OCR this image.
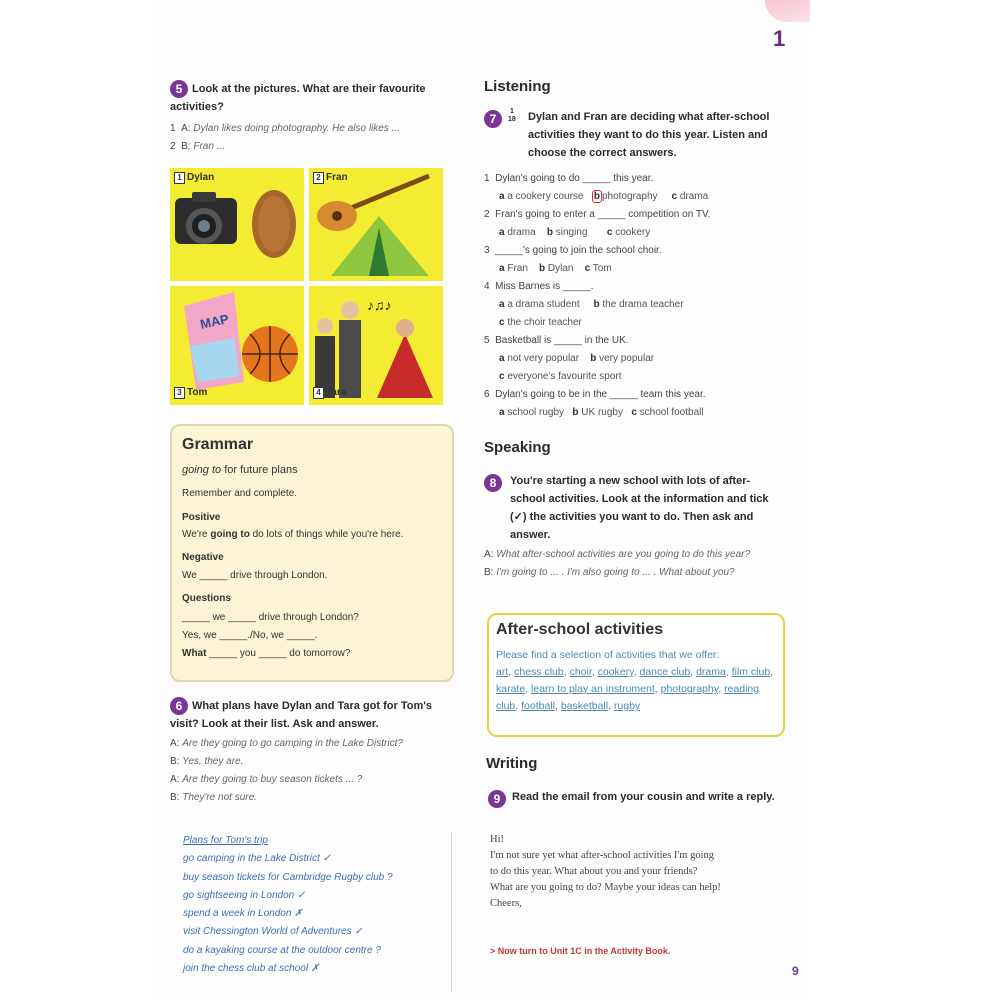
1
5 Look at the pictures. What are their favourite activities?
1 A: Dylan likes doing photography. He also likes ...
2 B: Fran ...
1 Dylan	2 Fran
MAP
3 Tom
♪♫♪
4 Tara
Grammar
going to for future plans
Remember and complete.
Positive
We're going to do lots of things while you're here.
Negative
We _____ drive through London.
Questions
_____ we _____ drive through London?
Yes, we _____./No, we _____.
What _____ you _____ do tomorrow?
6 What plans have Dylan and Tara got for Tom's visit? Look at their list. Ask and answer.
A: Are they going to go camping in the Lake District?
B: Yes, they are.
A: Are they going to buy season tickets ... ?
B: They're not sure.
Plans for Tom's trip
go camping in the Lake District ✓
buy season tickets for Cambridge Rugby club ?
go sightseeing in London ✓
spend a week in London ✗
visit Chessington World of Adventures ✓
do a kayaking course at the outdoor centre ?
join the chess club at school ✗
Listening
7
1
18 Dylan and Fran are deciding what after-school activities they want to do this year. Listen and choose the correct answers.
1 Dylan's going to do _____ this year.
a a cookery course b photography c drama
2 Fran's going to enter a _____ competition on TV.
a drama b singing c cookery
3 _____'s going to join the school choir.
a Fran b Dylan c Tom
4 Miss Barnes is _____.
a a drama student b the drama teacher
c the choir teacher
5 Basketball is _____ in the UK.
a not very popular b very popular
c everyone's favourite sport
6 Dylan's going to be in the _____ team this year.
a school rugby b UK rugby c school football
Speaking
8	You're starting a new school with lots of after-school activities. Look at the information and tick (✓) the activities you want to do. Then ask and answer.
A: What after-school activities are you going to do this year?
B: I'm going to ... . I'm also going to ... . What about you?
After-school activities
Please find a selection of activities that we offer:
art, chess club, choir, cookery, dance club, drama, film club, karate, learn to play an instrument, photography, reading club, football, basketball, rugby
Writing
9	Read the email from your cousin and write a reply.
Hi!
I'm not sure yet what after-school activities I'm going
to do this year. What about you and your friends?
What are you going to do? Maybe your ideas can help!
Cheers,
> Now turn to Unit 1C in the Activity Book.
9
